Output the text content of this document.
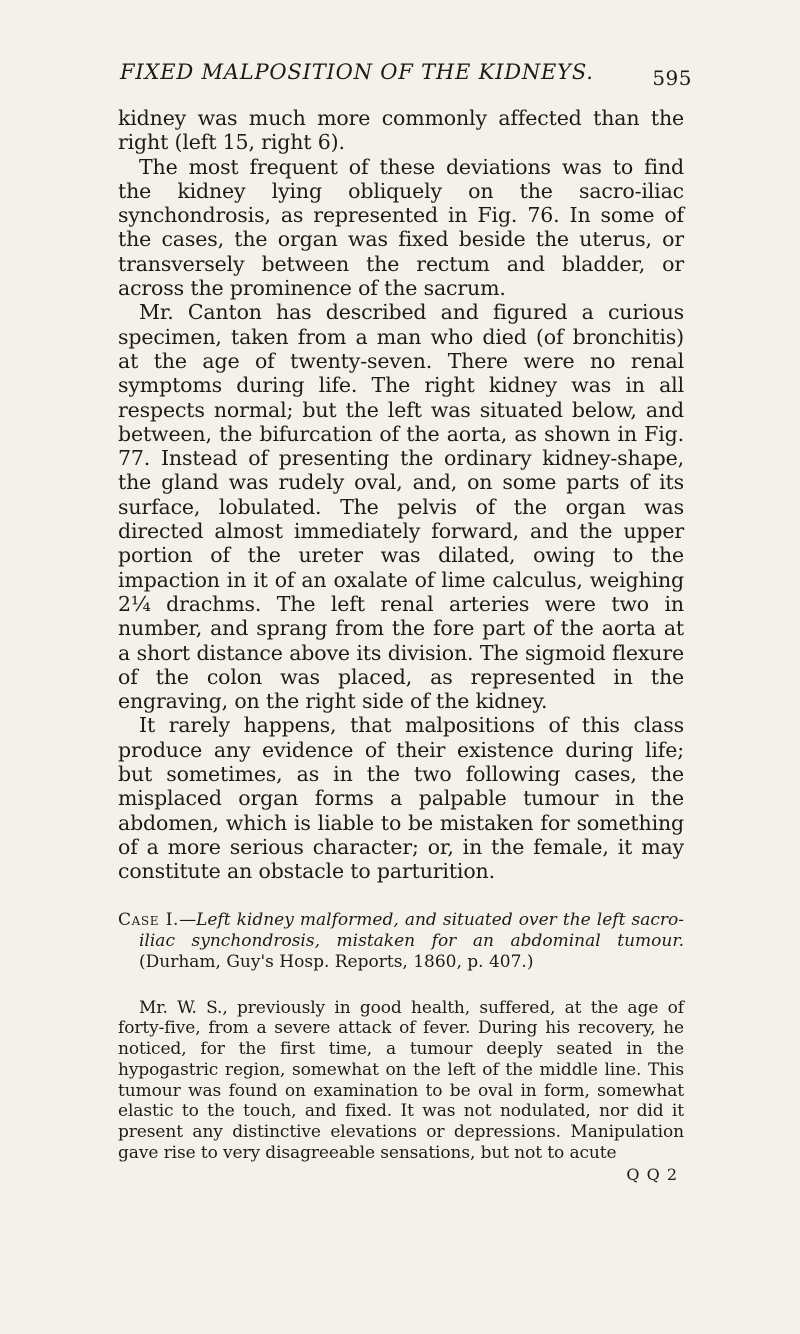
FIXED MALPOSITION OF THE KIDNEYS.	595

kidney was much more commonly affected than the right (left 15, right 6).

The most frequent of these deviations was to find the kidney lying obliquely on the sacro-iliac synchondrosis, as represented in Fig. 76. In some of the cases, the organ was fixed beside the uterus, or transversely between the rectum and bladder, or across the prominence of the sacrum.

Mr. Canton has described and figured a curious specimen, taken from a man who died (of bronchitis) at the age of twenty-seven. There were no renal symptoms during life. The right kidney was in all respects normal; but the left was situated below, and between, the bifurcation of the aorta, as shown in Fig. 77. Instead of presenting the ordinary kidney-shape, the gland was rudely oval, and, on some parts of its surface, lobulated. The pelvis of the organ was directed almost immediately forward, and the upper portion of the ureter was dilated, owing to the impaction in it of an oxalate of lime calculus, weighing 2¼ drachms. The left renal arteries were two in number, and sprang from the fore part of the aorta at a short distance above its division. The sigmoid flexure of the colon was placed, as represented in the engraving, on the right side of the kidney.

It rarely happens, that malpositions of this class produce any evidence of their existence during life; but sometimes, as in the two following cases, the misplaced organ forms a palpable tumour in the abdomen, which is liable to be mistaken for something of a more serious character; or, in the female, it may constitute an obstacle to parturition.

Case I.—Left kidney malformed, and situated over the left sacro-iliac synchondrosis, mistaken for an abdominal tumour. (Durham, Guy's Hosp. Reports, 1860, p. 407.)

Mr. W. S., previously in good health, suffered, at the age of forty-five, from a severe attack of fever. During his recovery, he noticed, for the first time, a tumour deeply seated in the hypogastric region, somewhat on the left of the middle line. This tumour was found on examination to be oval in form, somewhat elastic to the touch, and fixed. It was not nodulated, nor did it present any distinctive elevations or depressions. Manipulation gave rise to very disagreeable sensations, but not to acute

Q Q 2
